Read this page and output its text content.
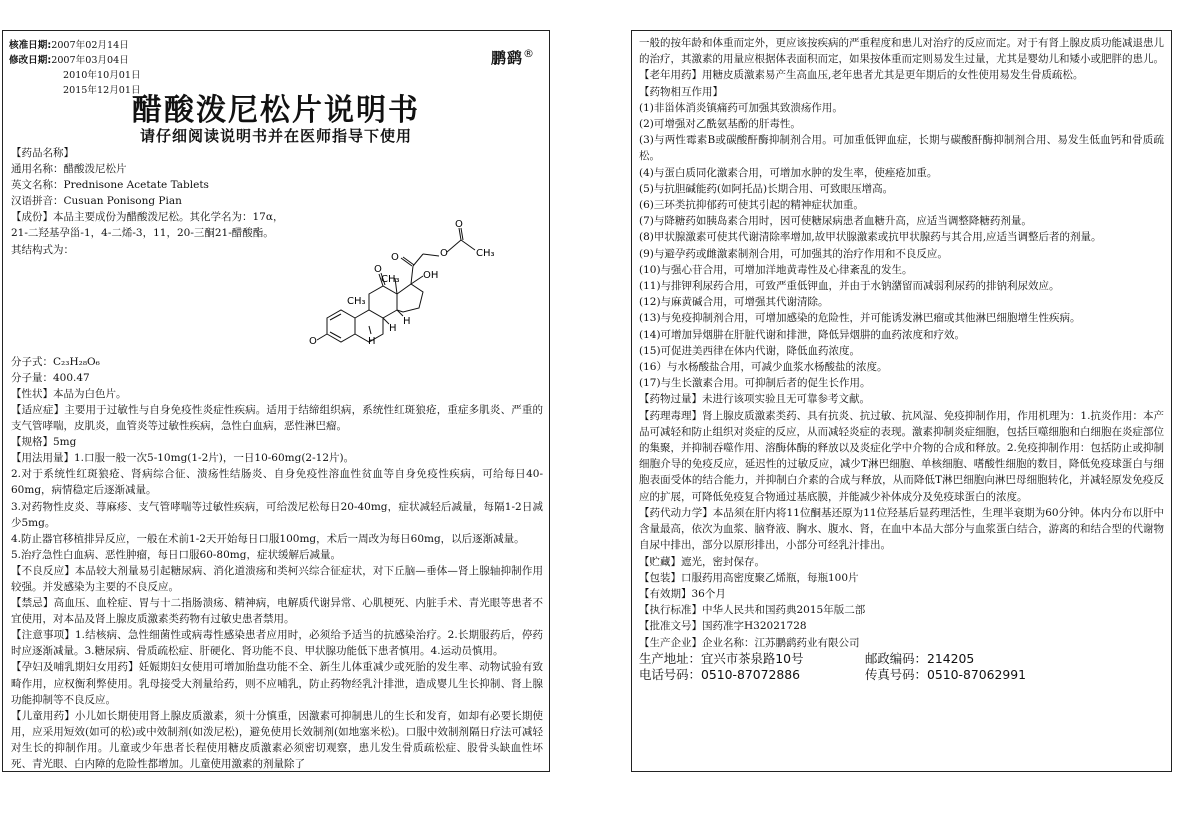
核准日期:2007年02月14日
修改日期:2007年03月04日
2010年10月01日
2015年12月01日
鹏鹞®
醋酸泼尼松片说明书
请仔细阅读说明书并在医师指导下使用
【药品名称】
通用名称：醋酸泼尼松片
英文名称：Prednisone Acetate Tablets
汉语拼音：Cusuan Ponisong Pian
【成份】本品主要成份为醋酸泼尼松。其化学名为：17α，
21-二羟基孕甾-1，4-二烯-3，11，20-三酮21-醋酸酯。
其结构式为：
O
CH₃
CH₃
O
OH
O	O
O
CH₃
H
H
H
分子式：C₂₃H₂₈O₆
分子量：400.47
【性状】本品为白色片。

【适应症】主要用于过敏性与自身免疫性炎症性疾病。适用于结缔组织病，系统性红斑狼疮，重症多肌炎、严重的支气管哮喘，皮肌炎，血管炎等过敏性疾病，急性白血病，恶性淋巴瘤。

【规格】5mg
【用法用量】1.口服一般一次5-10mg(1-2片)，一日10-60mg(2-12片)。

2.对于系统性红斑狼疮、肾病综合征、溃疡性结肠炎、自身免疫性溶血性贫血等自身免疫性疾病，可给每日40-60mg，病情稳定后逐渐减量。

3.对药物性皮炎、荨麻疹、支气管哮喘等过敏性疾病，可给泼尼松每日20-40mg，症状减轻后减量，每隔1-2日减少5mg。

4.防止器官移植排异反应，一般在术前1-2天开始每日口服100mg，术后一周改为每日60mg，以后逐渐减量。

5.治疗急性白血病、恶性肿瘤，每日口服60-80mg，症状缓解后减量。

【不良反应】本品较大剂量易引起糖尿病、消化道溃疡和类柯兴综合征症状，对下丘脑—垂体—肾上腺轴抑制作用较强。并发感染为主要的不良反应。

【禁忌】高血压、血栓症、胃与十二指肠溃疡、精神病，电解质代谢异常、心肌梗死、内脏手术、青光眼等患者不宜使用，对本品及肾上腺皮质激素类药物有过敏史患者禁用。

【注意事项】1.结核病、急性细菌性或病毒性感染患者应用时，必须给予适当的抗感染治疗。2.长期服药后，停药时应逐渐减量。3.糖尿病、骨质疏松症、肝硬化、肾功能不良、甲状腺功能低下患者慎用。4.运动员慎用。

【孕妇及哺乳期妇女用药】妊娠期妇女使用可增加胎盘功能不全、新生儿体重减少或死胎的发生率、动物试验有致畸作用，应权衡利弊使用。乳母接受大剂量给药，则不应哺乳，防止药物经乳汁排泄，造成婴儿生长抑制、肾上腺功能抑制等不良反应。

【儿童用药】小儿如长期使用肾上腺皮质激素，须十分慎重，因激素可抑制患儿的生长和发育，如却有必要长期使用，应采用短效(如可的松)或中效制剂(如泼尼松)，避免使用长效制剂(如地塞米松)。口服中效制剂隔日疗法可减轻对生长的抑制作用。儿童或少年患者长程使用糖皮质激素必须密切观察，患儿发生骨质疏松症、股骨头缺血性坏死、青光眼、白内障的危险性都增加。儿童使用激素的剂量除了

一般的按年龄和体重而定外，更应该按疾病的严重程度和患儿对治疗的反应而定。对于有肾上腺皮质功能减退患儿的治疗，其激素的用量应根据体表面积而定，如果按体重而定则易发生过量，尤其是婴幼儿和矮小或肥胖的患儿。

【老年用药】用糖皮质激素易产生高血压,老年患者尤其是更年期后的女性使用易发生骨质疏松。

【药物相互作用】

(1)非甾体消炎镇痛药可加强其致溃疡作用。

(2)可增强对乙酰氨基酚的肝毒性。

(3)与两性霉素B或碳酸酐酶抑制剂合用。可加重低钾血症，长期与碳酸酐酶抑制剂合用、易发生低血钙和骨质疏松。

(4)与蛋白质同化激素合用，可增加水肿的发生率，使痤疮加重。

(5)与抗胆碱能药(如阿托品)长期合用、可致眼压增高。

(6)三环类抗抑郁药可使其引起的精神症状加重。

(7)与降糖药如胰岛素合用时，因可使糖尿病患者血糖升高，应适当调整降糖药剂量。

(8)甲状腺激素可使其代谢清除率增加,故甲状腺激素或抗甲状腺药与其合用,应适当调整后者的剂量。

(9)与避孕药或雌激素制剂合用，可加强其的治疗作用和不良反应。

(10)与强心苷合用，可增加洋地黄毒性及心律紊乱的发生。

(11)与排钾利尿药合用，可致严重低钾血，并由于水钠潴留而减弱利尿药的排钠利尿效应。

(12)与麻黄碱合用，可增强其代谢清除。

(13)与免疫抑制剂合用，可增加感染的危险性，并可能诱发淋巴瘤或其他淋巴细胞增生性疾病。

(14)可增加异烟肼在肝脏代谢和排泄，降低异烟肼的血药浓度和疗效。

(15)可促进美西律在体内代谢，降低血药浓度。

(16）与水杨酸盐合用，可减少血浆水杨酸盐的浓度。

(17)与生长激素合用。可抑制后者的促生长作用。

【药物过量】未进行该项实验且无可靠参考文献。

【药理毒理】肾上腺皮质激素类药、具有抗炎、抗过敏、抗风湿、免疫抑制作用，作用机理为：1.抗炎作用：本产品可减轻和防止组织对炎症的反应，从而减轻炎症的表现。激素抑制炎症细胞，包括巨噬细胞和白细胞在炎症部位的集聚，并抑制吞噬作用、溶酶体酶的释放以及炎症化学中介物的合成和释放。2.免疫抑制作用：包括防止或抑制细胞介导的免疫反应，延迟性的过敏反应，减少T淋巴细胞、单核细胞、嗜酸性细胞的数目，降低免疫球蛋白与细胞表面受体的结合能力，并抑制白介素的合成与释放，从而降低T淋巴细胞向淋巴母细胞转化，并减轻原发免疫反应的扩展，可降低免疫复合物通过基底膜，并能减少补体成分及免疫球蛋白的浓度。

【药代动力学】本品须在肝内将11位酮基还原为11位羟基后显药理活性，生理半衰期为60分钟。体内分布以肝中含量最高，依次为血浆、脑脊液、胸水、腹水、肾，在血中本品大部分与血浆蛋白结合，游离的和结合型的代谢物自尿中排出，部分以原形排出，小部分可经乳汁排出。

【贮藏】遮光，密封保存。
【包装】口服药用高密度聚乙烯瓶，每瓶100片
【有效期】36个月
【执行标准】中华人民共和国药典2015年版二部
【批准文号】国药准字H32021728
【生产企业】企业名称：江苏鹏鹞药业有限公司
生产地址：宜兴市茶泉路10号	邮政编码：214205
电话号码：0510-87072886	传真号码：0510-87062991
